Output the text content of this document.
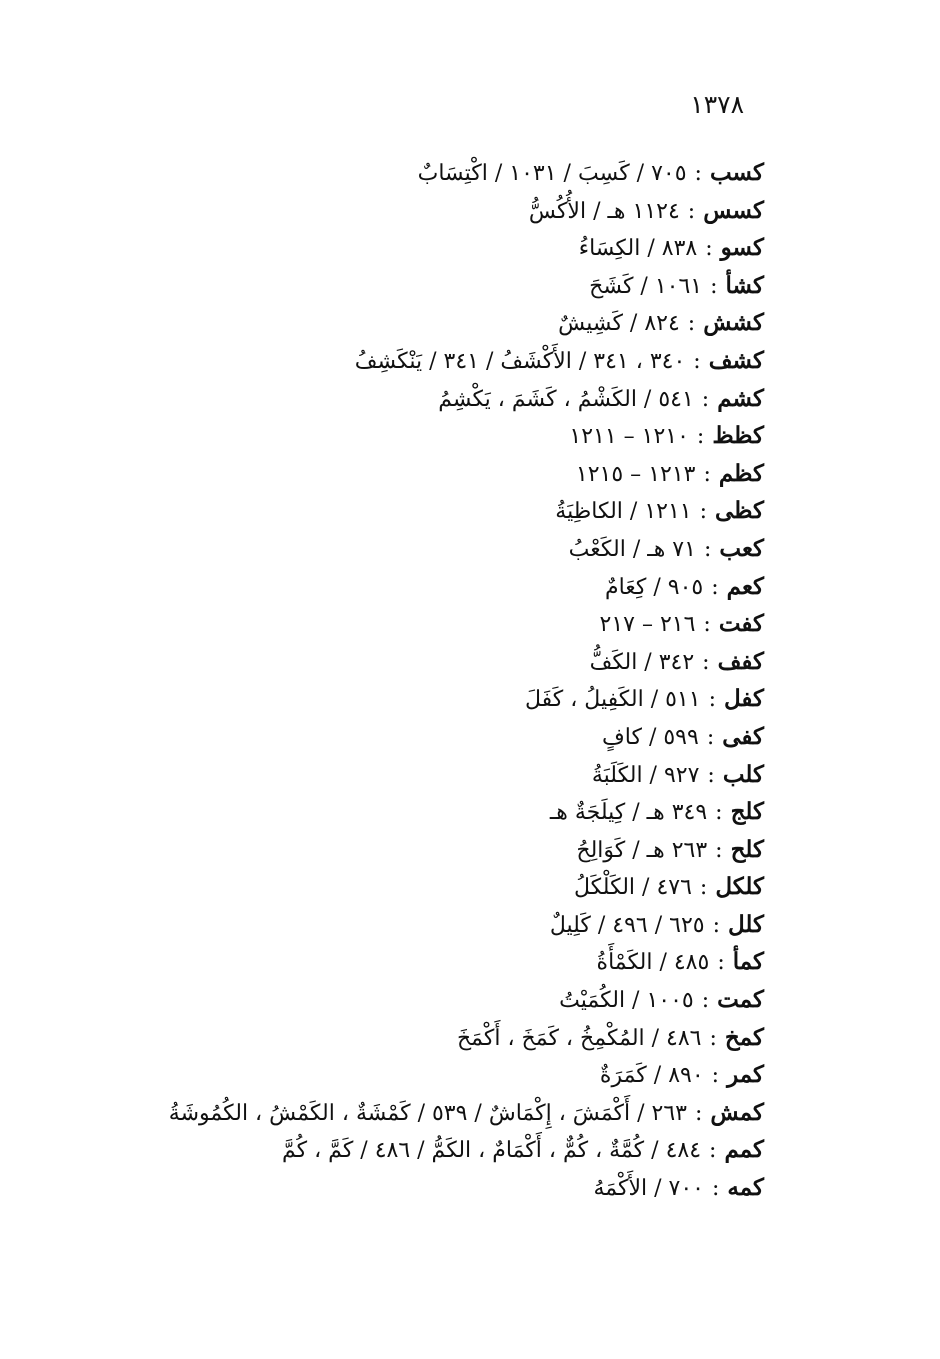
١٣٧٨
كسب:٧٠٥ / كَسِبَ / ١٠٣١ / اكْتِسَابٌ
كسس:١١٢٤ هـ / الأُكُسُّ
كسو:٨٣٨ / الكِسَاءُ
كشأ:١٠٦١ / كَشَحَ
كشش:٨٢٤ / كَشِيشٌ
كشف:٣٤٠ ، ٣٤١ / الأَكْشَفُ / ٣٤١ / يَنْكَشِفُ
كشم:٥٤١ / الكَشْمُ ، كَشَمَ ، يَكْشِمُ
كظظ:١٢١٠ – ١٢١١
كظم:١٢١٣ – ١٢١٥
كظى:١٢١١ / الكاظِيَةُ
كعب:٧١ هـ / الكَعْبُ
كعم:٩٠٥ / كِعَامٌ
كفت:٢١٦ – ٢١٧
كفف:٣٤٢ / الكَفُّ
كفل:٥١١ / الكَفِيلُ ، كَفَلَ
كفى:٥٩٩ / كافٍ
كلب:٩٢٧ / الكَلَبَةُ
كلج:٣٤٩ هـ / كِيلَجَةٌ هـ
كلح:٢٦٣ هـ / كَوَالِحُ
كلكل:٤٧٦ / الكَلْكَلُ
كلل:٦٢٥ / ٤٩٦ / كَلِيلٌ
كمأ:٤٨٥ / الكَمْأَةُ
كمت:١٠٠٥ / الكُمَيْتُ
كمخ:٤٨٦ / المُكْمِخُ ، كَمَخَ ، أَكْمَخَ
كمر:٨٩٠ / كَمَرَةٌ
كمش:٢٦٣ / أَكْمَشَ ، إِكْمَاشٌ / ٥٣٩ / كَمْشَةٌ ، الكَمْشُ ، الكُمُوشَةُ
كمم:٤٨٤ / كُمَّةٌ ، كُمٌّ ، أَكْمَامٌ ، الكَمُّ / ٤٨٦ / كَمَّ ، كُمَّ
كمه:٧٠٠ / الأَكْمَهُ
